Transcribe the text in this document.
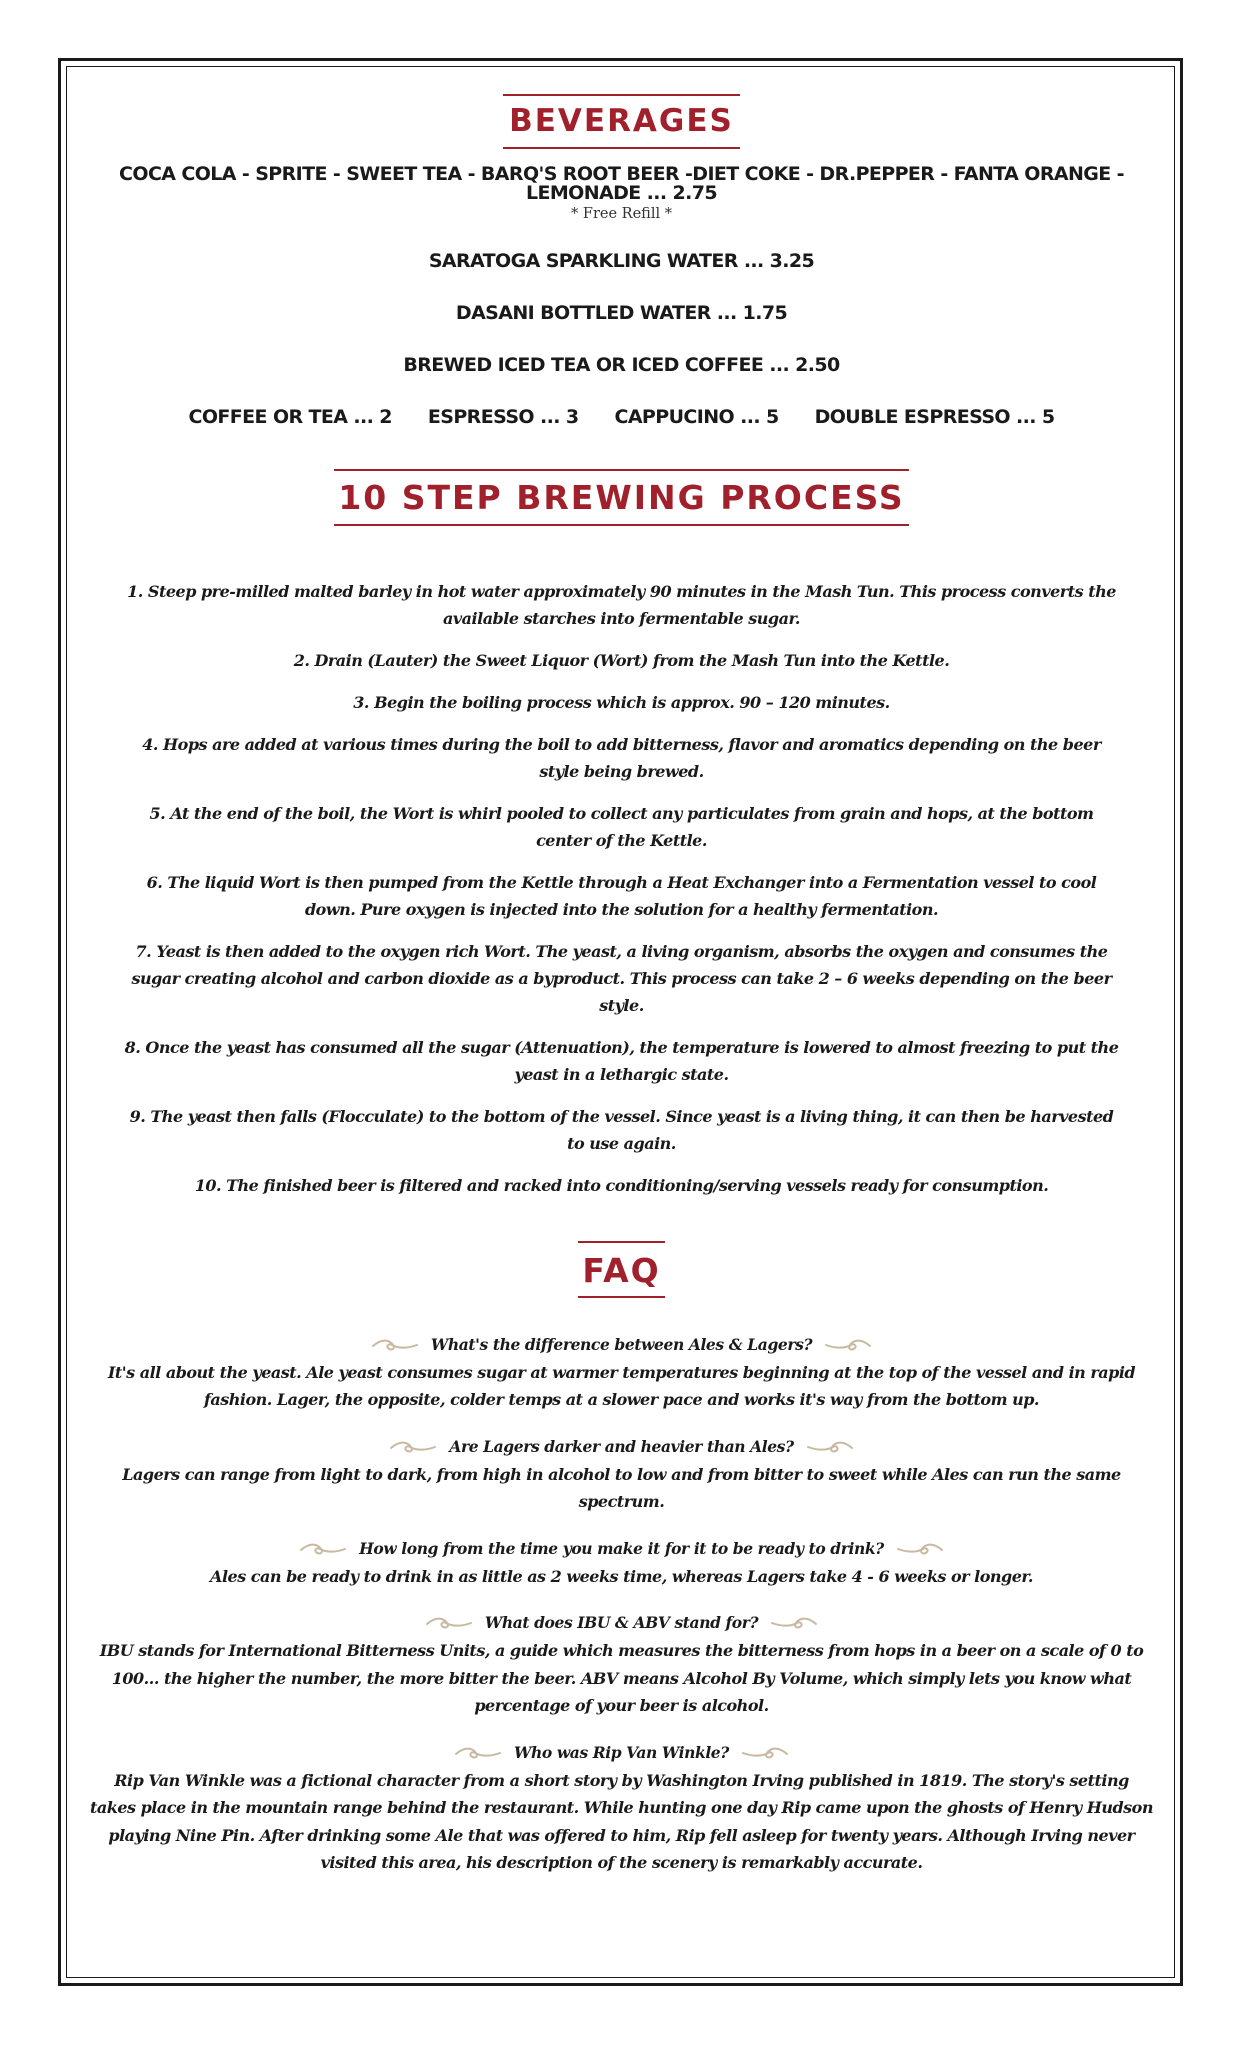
BEVERAGES
COCA COLA - SPRITE - SWEET TEA - BARQ'S ROOT BEER -DIET COKE - DR.PEPPER - FANTA ORANGE - LEMONADE ... 2.75
* Free Refill *
SARATOGA SPARKLING WATER ... 3.25
DASANI BOTTLED WATER ... 1.75
BREWED ICED TEA OR ICED COFFEE ... 2.50
COFFEE OR TEA ... 2 ESPRESSO ... 3 CAPPUCINO ... 5 DOUBLE ESPRESSO ... 5
10 STEP BREWING PROCESS

1. Steep pre-milled malted barley in hot water approximately 90 minutes in the Mash Tun. This process converts the available starches into fermentable sugar.

2. Drain (Lauter) the Sweet Liquor (Wort) from the Mash Tun into the Kettle.

3. Begin the boiling process which is approx. 90 – 120 minutes.

4. Hops are added at various times during the boil to add bitterness, flavor and aromatics depending on the beer style being brewed.

5. At the end of the boil, the Wort is whirl pooled to collect any particulates from grain and hops, at the bottom center of the Kettle.

6. The liquid Wort is then pumped from the Kettle through a Heat Exchanger into a Fermentation vessel to cool down. Pure oxygen is injected into the solution for a healthy fermentation.

7. Yeast is then added to the oxygen rich Wort. The yeast, a living organism, absorbs the oxygen and consumes the sugar creating alcohol and carbon dioxide as a byproduct. This process can take 2 – 6 weeks depending on the beer style.

8. Once the yeast has consumed all the sugar (Attenuation), the temperature is lowered to almost freezing to put the yeast in a lethargic state.

9. The yeast then falls (Flocculate) to the bottom of the vessel. Since yeast is a living thing, it can then be harvested to use again.

10. The finished beer is filtered and racked into conditioning/serving vessels ready for consumption.

FAQ
What's the difference between Ales & Lagers?
It's all about the yeast. Ale yeast consumes sugar at warmer temperatures beginning at the top of the vessel and in rapid fashion. Lager, the opposite, colder temps at a slower pace and works it's way from the bottom up.
Are Lagers darker and heavier than Ales?
Lagers can range from light to dark, from high in alcohol to low and from bitter to sweet while Ales can run the same spectrum.
How long from the time you make it for it to be ready to drink?
Ales can be ready to drink in as little as 2 weeks time, whereas Lagers take 4 - 6 weeks or longer.
What does IBU & ABV stand for?
IBU stands for International Bitterness Units, a guide which measures the bitterness from hops in a beer on a scale of 0 to 100... the higher the number, the more bitter the beer. ABV means Alcohol By Volume, which simply lets you know what percentage of your beer is alcohol.
Who was Rip Van Winkle?
Rip Van Winkle was a fictional character from a short story by Washington Irving published in 1819. The story's setting takes place in the mountain range behind the restaurant. While hunting one day Rip came upon the ghosts of Henry Hudson playing Nine Pin. After drinking some Ale that was offered to him, Rip fell asleep for twenty years. Although Irving never visited this area, his description of the scenery is remarkably accurate.
